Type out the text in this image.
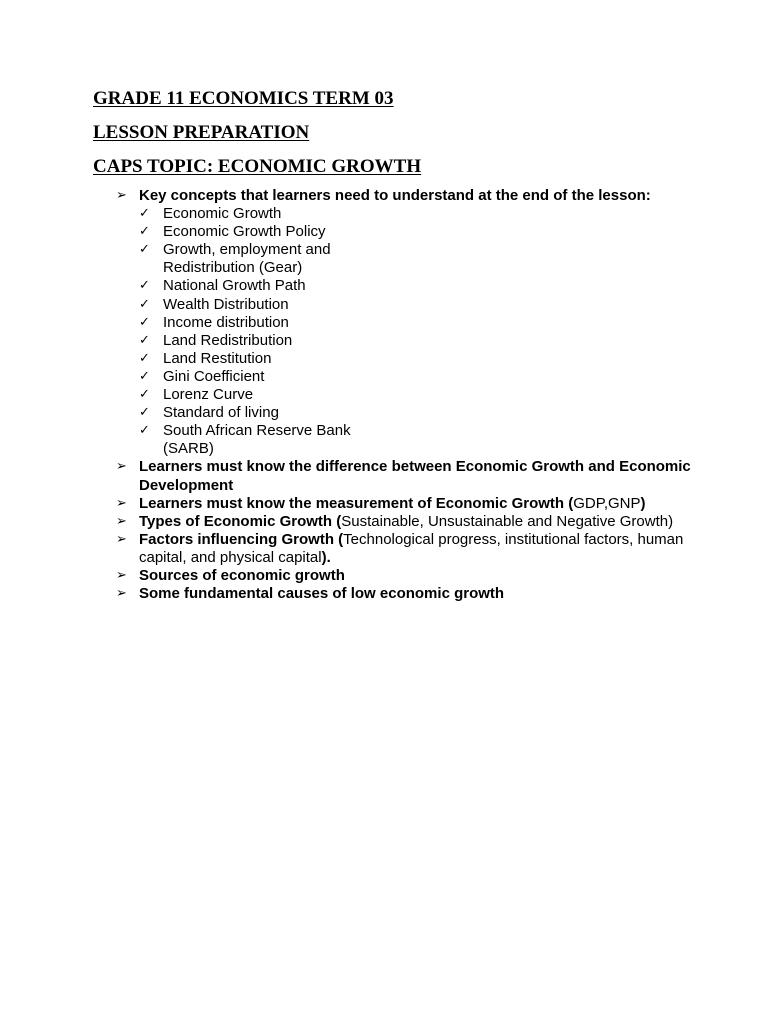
GRADE 11 ECONOMICS TERM 03
LESSON PREPARATION
CAPS TOPIC: ECONOMIC GROWTH
➢ Key concepts that learners need to understand at the end of the lesson:
✓ Economic Growth
✓ Economic Growth Policy
✓ Growth, employment and Redistribution (Gear)
✓ National Growth Path
✓ Wealth Distribution
✓ Income distribution
✓ Land Redistribution
✓ Land Restitution
✓ Gini Coefficient
✓ Lorenz Curve
✓ Standard of living
✓ South African Reserve Bank (SARB)
➢ Learners must know the difference between Economic Growth and Economic Development
➢ Learners must know the measurement of Economic Growth (GDP,GNP)
➢ Types of Economic Growth (Sustainable, Unsustainable and Negative Growth)
➢ Factors influencing Growth (Technological progress, institutional factors, human capital, and physical capital).
➢ Sources of economic growth
➢ Some fundamental causes of low economic growth
